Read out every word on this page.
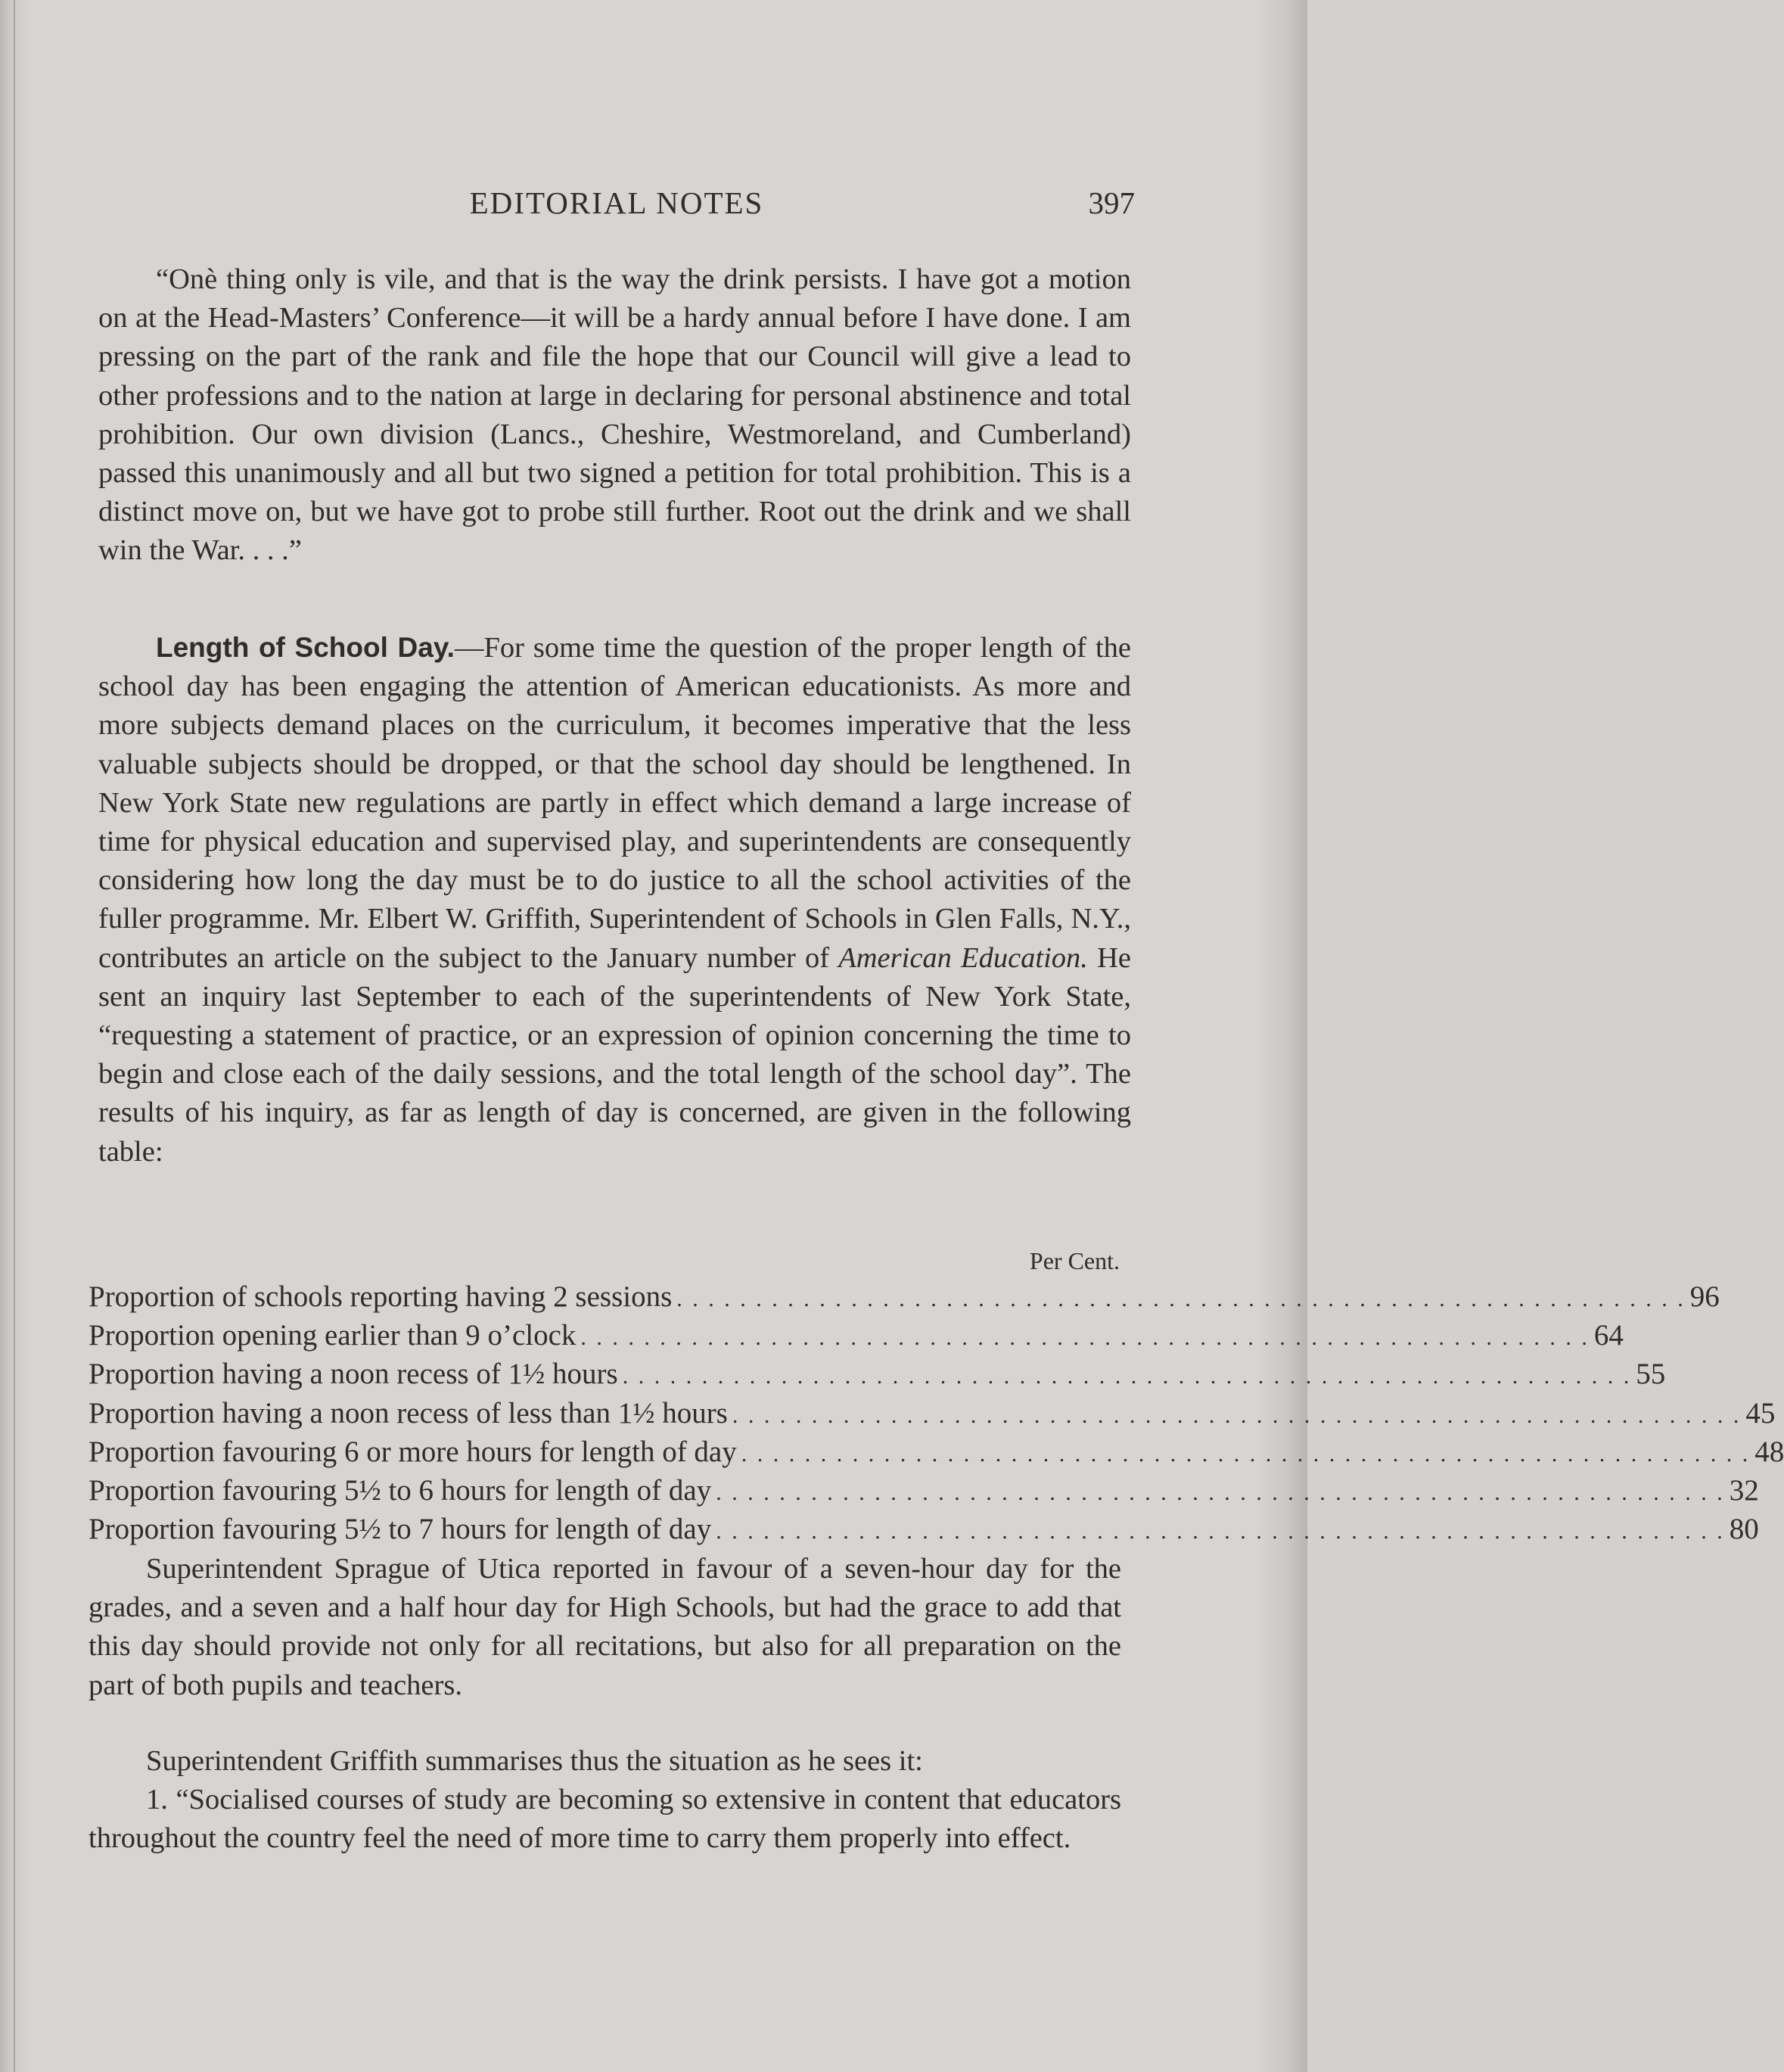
EDITORIAL NOTES	397

“Onè thing only is vile, and that is the way the drink persists. I have got a motion on at the Head-Masters’ Conference—it will be a hardy annual before I have done. I am pressing on the part of the rank and file the hope that our Council will give a lead to other professions and to the nation at large in declaring for personal abstinence and total prohibition. Our own division (Lancs., Cheshire, Westmoreland, and Cumberland) passed this unanimously and all but two signed a petition for total prohibition. This is a distinct move on, but we have got to probe still further. Root out the drink and we shall win the War. . . .”

Length of School Day.—For some time the question of the proper length of the school day has been engaging the attention of American educationists. As more and more subjects demand places on the curriculum, it becomes imperative that the less valuable subjects should be dropped, or that the school day should be lengthened. In New York State new regulations are partly in effect which demand a large increase of time for physical education and supervised play, and superintendents are consequently considering how long the day must be to do justice to all the school activities of the fuller programme. Mr. Elbert W. Griffith, Superintendent of Schools in Glen Falls, N.Y., contributes an article on the subject to the January number of American Education. He sent an inquiry last September to each of the superintendents of New York State, “requesting a statement of practice, or an expression of opinion concerning the time to begin and close each of the daily sessions, and the total length of the school day”. The results of his inquiry, as far as length of day is concerned, are given in the following table:

Per Cent.
Proportion of schools reporting having 2 sessions . . . . . . . . . . . . . . . . . . . . . . . . . . . . . . . . . . . . . . . . . . . . . . . . . . . . . . . . . . . . . . . . 96
Proportion opening earlier than 9 o’clock . . . . . . . . . . . . . . . . . . . . . . . . . . . . . . . . . . . . . . . . . . . . . . . . . . . . . . . . . . . . . . . . 64
Proportion having a noon recess of 1½ hours . . . . . . . . . . . . . . . . . . . . . . . . . . . . . . . . . . . . . . . . . . . . . . . . . . . . . . . . . . . . . . . . 55
Proportion having a noon recess of less than 1½ hours . . . . . . . . . . . . . . . . . . . . . . . . . . . . . . . . . . . . . . . . . . . . . . . . . . . . . . . . . . . . . . . . 45
Proportion favouring 6 or more hours for length of day . . . . . . . . . . . . . . . . . . . . . . . . . . . . . . . . . . . . . . . . . . . . . . . . . . . . . . . . . . . . . . . . 48
Proportion favouring 5½ to 6 hours for length of day . . . . . . . . . . . . . . . . . . . . . . . . . . . . . . . . . . . . . . . . . . . . . . . . . . . . . . . . . . . . . . . . 32
Proportion favouring 5½ to 7 hours for length of day . . . . . . . . . . . . . . . . . . . . . . . . . . . . . . . . . . . . . . . . . . . . . . . . . . . . . . . . . . . . . . . . 80

Superintendent Sprague of Utica reported in favour of a seven-hour day for the grades, and a seven and a half hour day for High Schools, but had the grace to add that this day should provide not only for all recitations, but also for all preparation on the part of both pupils and teachers.

Superintendent Griffith summarises thus the situation as he sees it:

1. “Socialised courses of study are becoming so extensive in content that educators throughout the country feel the need of more time to carry them properly into effect.
